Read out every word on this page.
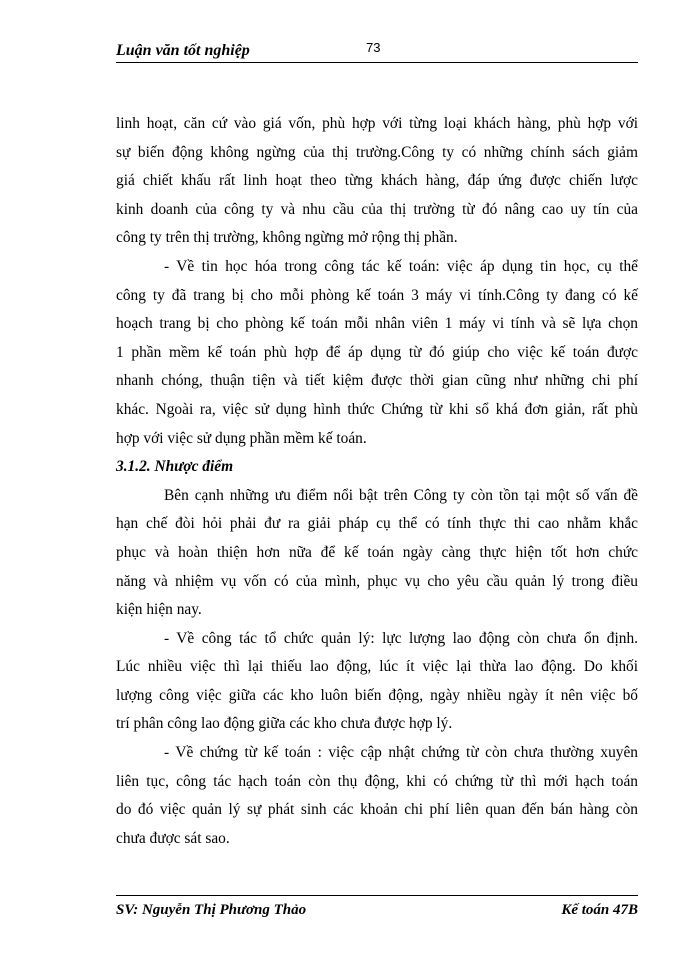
Luận văn tốt nghiệp	73
linh hoạt, căn cứ vào giá vốn, phù hợp với từng loại khách hàng, phù hợp với
sự biến động không ngừng của thị trường.Công ty có những chính sách giảm
giá chiết khấu rất linh hoạt theo từng khách hàng, đáp ứng được chiến lược
kinh doanh của công ty và nhu cầu của thị trường từ đó nâng cao uy tín của
công ty trên thị trường, không ngừng mở rộng thị phần.
- Về tin học hóa trong công tác kế toán: việc áp dụng tin học, cụ thể
công ty đã trang bị cho mỗi phòng kế toán 3 máy vi tính.Công ty đang có kế
hoạch trang bị cho phòng kế toán mỗi nhân viên 1 máy vi tính và sẽ lựa chọn
1 phần mềm kế toán phù hợp để áp dụng từ đó giúp cho việc kế toán được
nhanh chóng, thuận tiện và tiết kiệm được thời gian cũng như những chi phí
khác. Ngoài ra, việc sử dụng hình thức Chứng từ khi sổ khá đơn giản, rất phù
hợp với việc sử dụng phần mềm kế toán.
3.1.2. Nhược điểm
Bên cạnh những ưu điểm nổi bật trên Công ty còn tồn tại một số vấn đề
hạn chế đòi hỏi phải đư ra giải pháp cụ thể có tính thực thi cao nhằm khắc
phục và hoàn thiện hơn nữa để kế toán ngày càng thực hiện tốt hơn chức
năng và nhiệm vụ vốn có của mình, phục vụ cho yêu cầu quản lý trong điều
kiện hiện nay.
- Về công tác tổ chức quản lý: lực lượng lao động còn chưa ổn định.
Lúc nhiều việc thì lại thiếu lao động, lúc ít việc lại thừa lao động. Do khối
lượng công việc giữa các kho luôn biến động, ngày nhiều ngày ít nên việc bố
trí phân công lao động giữa các kho chưa được hợp lý.
- Về chứng từ kế toán : việc cập nhật chứng từ còn chưa thường xuyên
liên tục, công tác hạch toán còn thụ động, khi có chứng từ thì mới hạch toán
do đó việc quản lý sự phát sinh các khoản chi phí liên quan đến bán hàng còn
chưa được sát sao.
SV: Nguyễn Thị Phương Thảo	Kế toán 47B
